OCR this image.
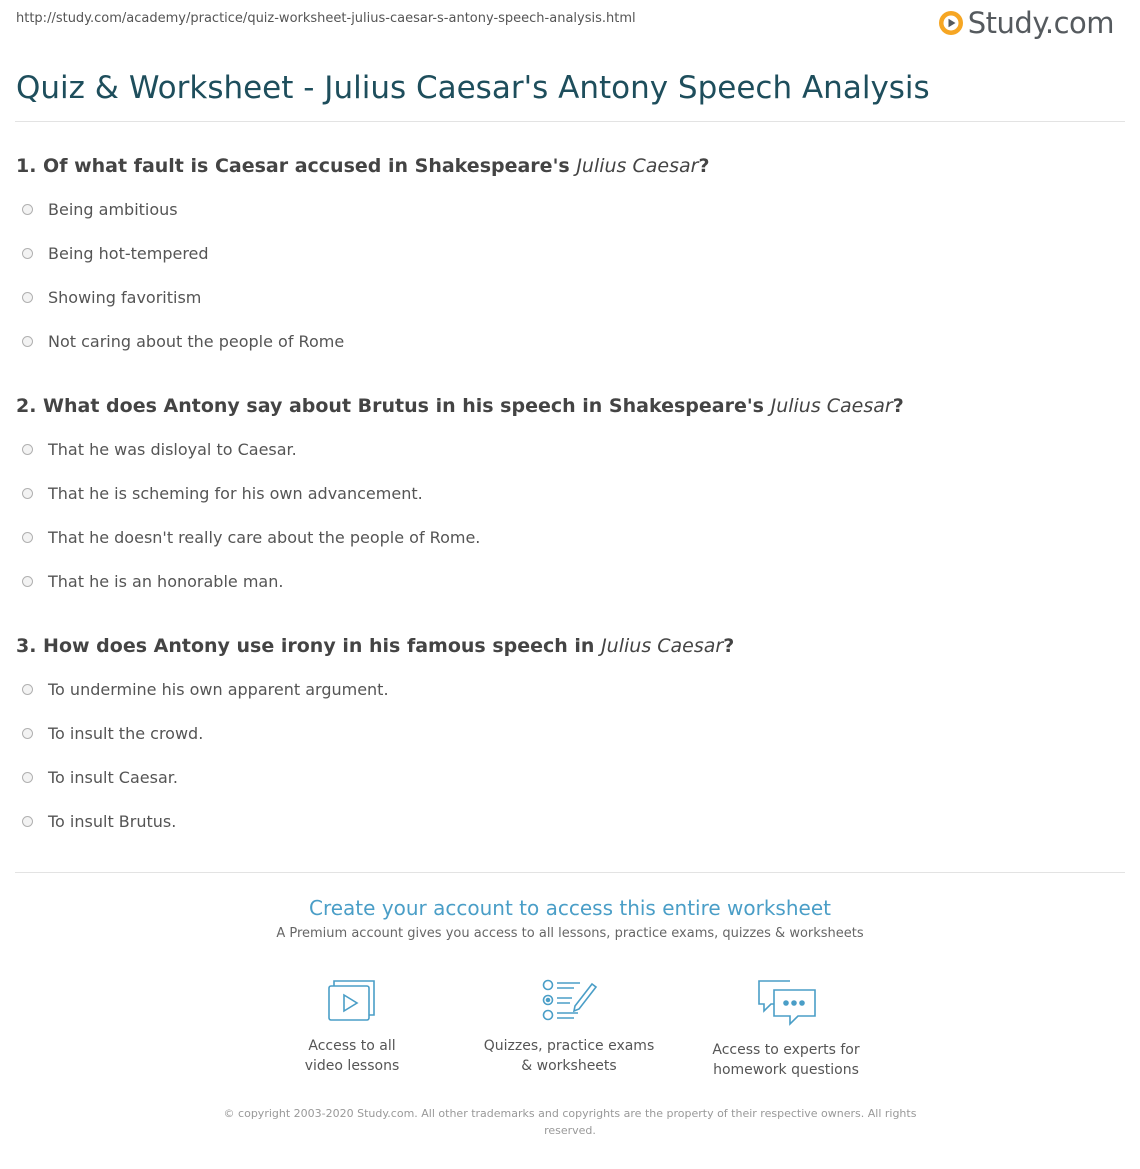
http://study.com/academy/practice/quiz-worksheet-julius-caesar-s-antony-speech-analysis.html	Study.com
Quiz & Worksheet - Julius Caesar's Antony Speech Analysis
1. Of what fault is Caesar accused in Shakespeare's Julius Caesar?
Being ambitious
Being hot-tempered
Showing favoritism
Not caring about the people of Rome
2. What does Antony say about Brutus in his speech in Shakespeare's Julius Caesar?
That he was disloyal to Caesar.
That he is scheming for his own advancement.
That he doesn't really care about the people of Rome.
That he is an honorable man.
3. How does Antony use irony in his famous speech in Julius Caesar?
To undermine his own apparent argument.
To insult the crowd.
To insult Caesar.
To insult Brutus.
Create your account to access this entire worksheet
A Premium account gives you access to all lessons, practice exams, quizzes & worksheets
Access to all
video lessons
Quizzes, practice exams
& worksheets
Access to experts for
homework questions
© copyright 2003-2020 Study.com. All other trademarks and copyrights are the property of their respective owners. All rights
reserved.
